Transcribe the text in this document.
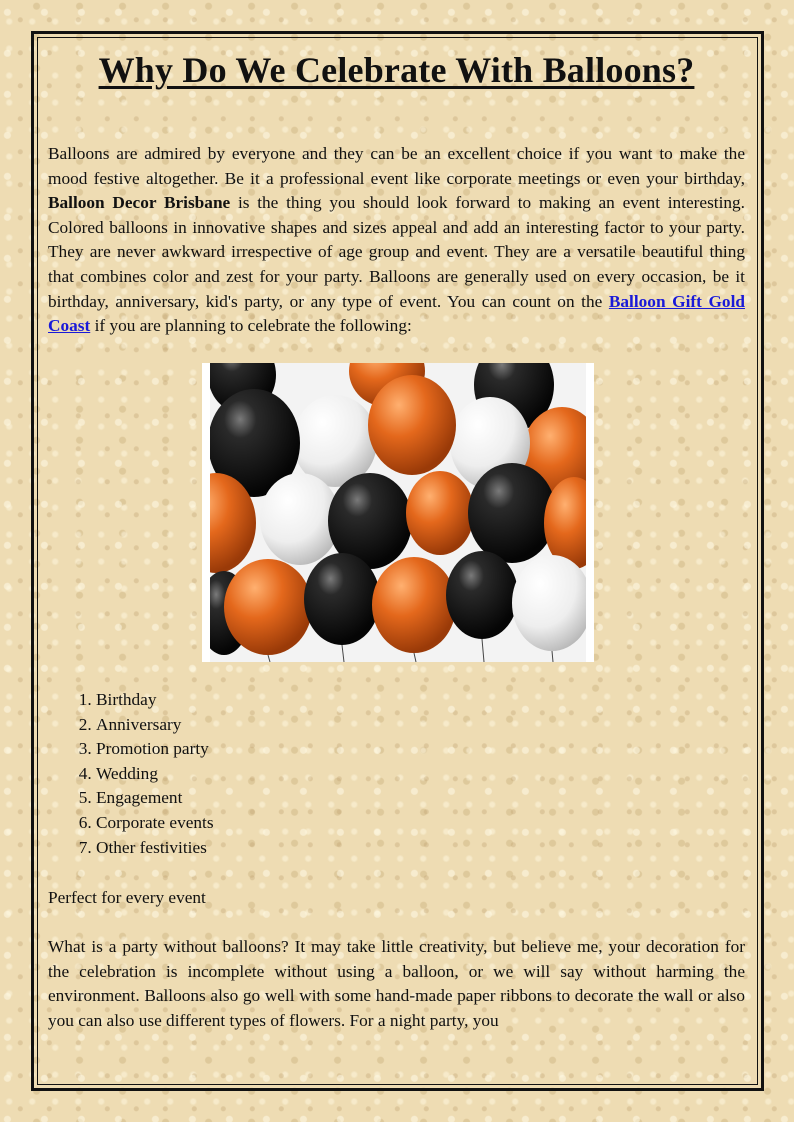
Why Do We Celebrate With Balloons?

Balloons are admired by everyone and they can be an excellent choice if you want to make the mood festive altogether. Be it a professional event like corporate meetings or even your birthday, Balloon Decor Brisbane is the thing you should look forward to making an event interesting. Colored balloons in innovative shapes and sizes appeal and add an interesting factor to your party. They are never awkward irrespective of age group and event. They are a versatile beautiful thing that combines color and zest for your party. Balloons are generally used on every occasion, be it birthday, anniversary, kid's party, or any type of event. You can count on the Balloon Gift Gold Coast if you are planning to celebrate the following:

1. Birthday
2. Anniversary
3. Promotion party
4. Wedding
5. Engagement
6. Corporate events
7. Other festivities

Perfect for every event

What is a party without balloons? It may take little creativity, but believe me, your decoration for the celebration is incomplete without using a balloon, or we will say without harming the environment. Balloons also go well with some hand-made paper ribbons to decorate the wall or also you can also use different types of flowers. For a night party, you
